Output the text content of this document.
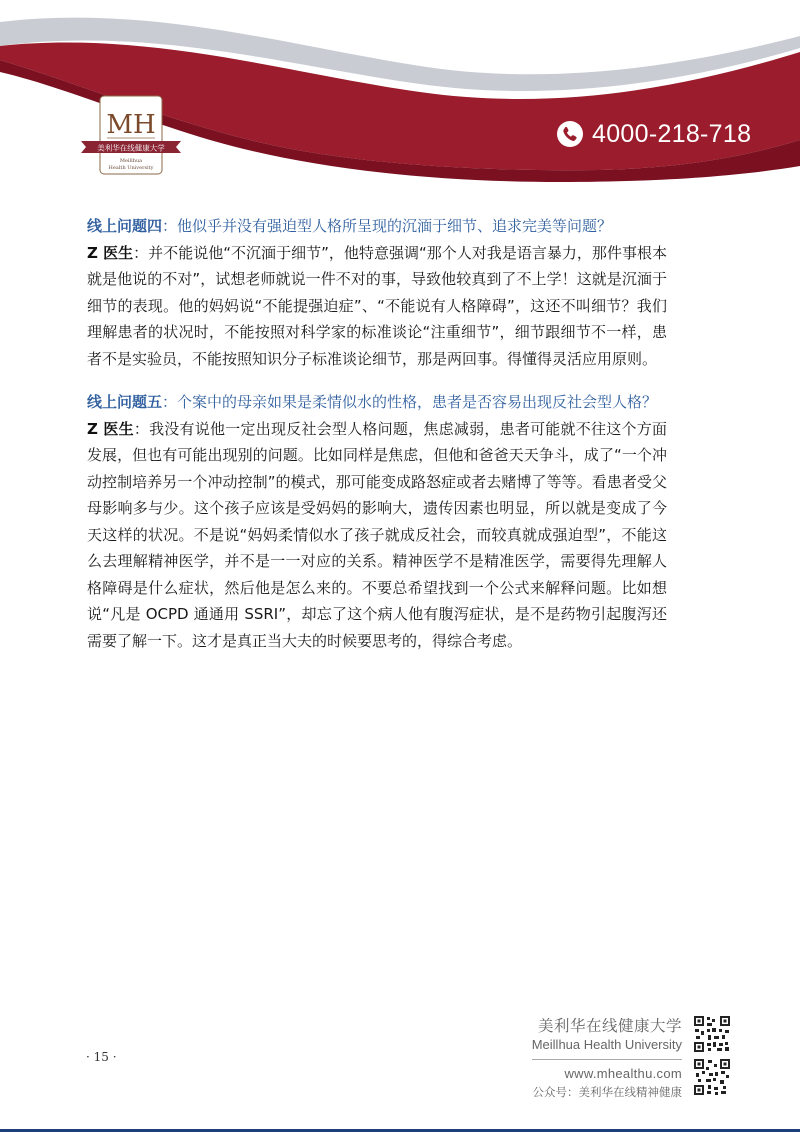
MH
美利华在线健康大学
Meillhua
Health University
4000-218-718

线上问题四：他似乎并没有强迫型人格所呈现的沉湎于细节、追求完美等问题？

Z 医生：并不能说他“不沉湎于细节”，他特意强调“那个人对我是语言暴力，那件事根本就是他说的不对”，试想老师就说一件不对的事，导致他较真到了不上学！这就是沉湎于细节的表现。他的妈妈说“不能提强迫症”、“不能说有人格障碍”，这还不叫细节？我们理解患者的状况时，不能按照对科学家的标准谈论“注重细节”，细节跟细节不一样，患者不是实验员，不能按照知识分子标准谈论细节，那是两回事。得懂得灵活应用原则。

线上问题五：个案中的母亲如果是柔情似水的性格，患者是否容易出现反社会型人格？

Z 医生：我没有说他一定出现反社会型人格问题，焦虑减弱，患者可能就不往这个方面发展，但也有可能出现别的问题。比如同样是焦虑，但他和爸爸天天争斗，成了“一个冲动控制培养另一个冲动控制”的模式，那可能变成路怒症或者去赌博了等等。看患者受父母影响多与少。这个孩子应该是受妈妈的影响大，遗传因素也明显，所以就是变成了今天这样的状况。不是说“妈妈柔情似水了孩子就成反社会，而较真就成强迫型”，不能这么去理解精神医学，并不是一一对应的关系。精神医学不是精准医学，需要得先理解人格障碍是什么症状，然后他是怎么来的。不要总希望找到一个公式来解释问题。比如想说“凡是 OCPD 通通用 SSRI”，却忘了这个病人他有腹泻症状，是不是药物引起腹泻还需要了解一下。这才是真正当大夫的时候要思考的，得综合考虑。

· 15 ·
美利华在线健康大学
Meillhua Health University
www.mhealthu.com
公众号：美利华在线精神健康
